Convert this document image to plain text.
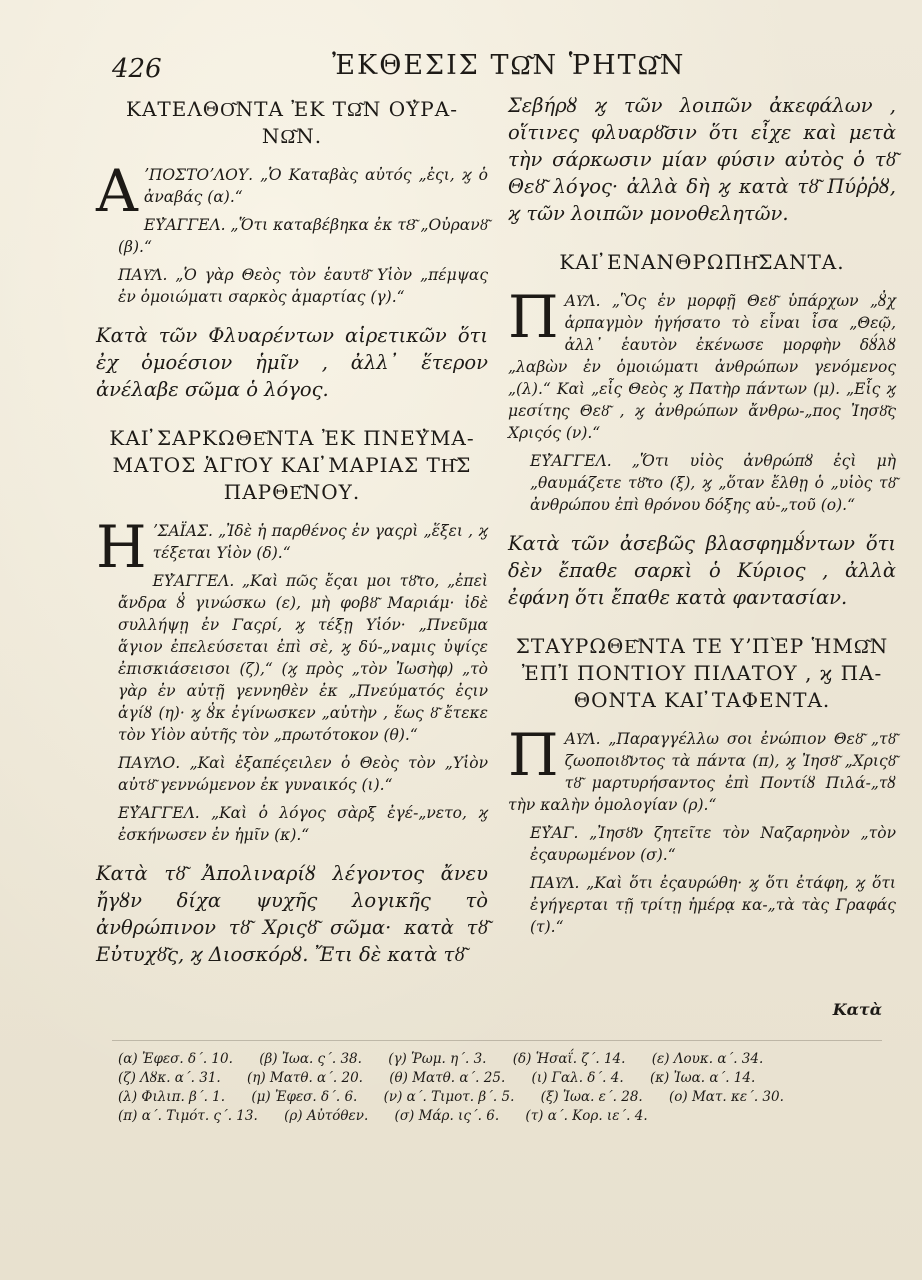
426	ἘΚΘΕΣΙΣ ΤΩ͂Ν ῬΗΤΩ͂Ν
ΚΑΤΕΛΘΟ͂ΝΤΑ ἘΚ ΤΩ͂Ν ΟΥ̓ΡΑ-ΝΩ͂Ν.
Α ʼΠΟΣΤΟʼΛΟΥ. „Ὁ Καταβὰς αὐτός „ἐςι, ϗ ὁ ἀναβάς (α).“
ΕΥ̓ΑΓΓΕΛ. „Ὅτι καταβέβηκα ἐκ τȢ͂ „Οὐρανȣ͂ (β).“
ΠΑΥ͂Λ. „Ὁ γὰρ Θεὸς τὸν ἑαυτȣ͂ Υἱὸν „πέμψας ἐν ὁμοιώματι σαρκὸς ἁμαρτίας (γ).“
Κατὰ τῶν Φλυαρέντων αἱρετικῶν ὅτι ἐχ ὁμοέσιον ἡμῖν , ἀλλ᾽ ἕτερον ἀνέλαβε σῶμα ὁ λόγος.
ΚΑΙ ̓ΣΑΡΚΩΘΕ͂ΝΤΑ ἘΚ ΠΝΕΥ̓ΜΑ-ΜΑΤΟΣ ἉΓΙ͂ΟΥ ΚΑΙ ̓ΜΑΡΙΑΣ ΤΗ͂Σ ΠΑΡΘΕ͂ΝΟΥ.
Η ʼΣΑΪΑΣ. „Ἰδὲ ἡ παρθένος ἐν γαςρὶ „ἕξει , ϗ τέξεται Υἱὸν (δ).“
ΕΥ̓ΑΓΓΕΛ. „Καὶ πῶς ἔςαι μοι τȣ͂το, „ἐπεὶ ἄνδρα ȣ̓ γινώσκω (ε), μὴ φοβȣ͂ Μαριάμ· ἰδὲ συλλήψῃ ἐν Γαςρί, ϗ τέξῃ Υἱόν· „Πνεῦμα ἅγιον ἐπελεύσεται ἐπὶ σὲ, ϗ δύ-„ναμις ὑψίςε ἐπισκιάσεισοι (ζ),“ (ϗ πρὸς „τὸν Ἰωσὴφ) „τὸ γὰρ ἐν αὐτῇ γεννηθὲν ἐκ „Πνεύματός ἐςιν ἁγίȣ (η)· ϗ ȣ̓κ ἐγίνωσκεν „αὐτὴν , ἕως ȣ͂ ἔτεκε τὸν Υἱὸν αὐτῆς τὸν „πρωτότοκον (θ).“
ΠΑΥ͂ΛΟ. „Καὶ ἐξαπέςειλεν ὁ Θεὸς τὸν „Υἱὸν αὐτȣ͂ γεννώμενον ἐκ γυναικός (ι).“
ΕΥ̓ΑΓΓΕΛ. „Καὶ ὁ λόγος σὰρξ ἐγέ-„νετο, ϗ ἐσκήνωσεν ἐν ἡμῖν (κ).“
Κατὰ τȣ͂ Ἀπολιναρίȣ λέγοντος ἄνευ ἤγȣν δίχα ψυχῆς λογικῆς τὸ ἀνθρώπινον τȣ͂ Χριςȣ͂ σῶμα· κατὰ τȣ͂ Εὐτυχȣ͂ς, ϗ Διοσκόρȣ. Ἔτι δὲ κατὰ τȣ͂
Σεβήρȣ ϗ τῶν λοιπῶν ἀκεφάλων , οἵτινες φλυαρȣ͂σιν ὅτι εἶχε καὶ μετὰ τὴν σάρκωσιν μίαν φύσιν αὐτὸς ὁ τȣ͂ Θεȣ͂ λόγος· ἀλλὰ δὴ ϗ κατὰ τȣ͂ Πύῤῥȣ, ϗ τῶν λοιπῶν μονοθελητῶν.
ΚΑΙ ̓ΕΝΑΝΘΡΩΠΗ͂ΣΑΝΤΑ.
Π ΑΥ͂Λ. „Ὃς ἐν μορφῇ Θεȣ͂ ὑπάρχων „ȣ̓χ ἁρπαγμὸν ἡγήσατο τὸ εἶναι ἶσα „Θεῷ, ἀλλ᾽ ἑαυτὸν ἐκένωσε μορφὴν δȣ́λȣ „λαβὼν ἐν ὁμοιώματι ἀνθρώπων γενόμενος „(λ).“ Καὶ „εἷς Θεὸς ϗ Πατὴρ πάντων (μ). „Εἷς ϗ μεσίτης Θεȣ͂ , ϗ ἀνθρώπων ἄνθρω-„πος Ἰησȣ͂ς Χριςός (ν).“
ΕΥ̓ΑΓΓΕΛ. „Ὅτι υἱὸς ἀνθρώπȣ ἐςὶ μὴ „θαυμάζετε τȣ͂το (ξ), ϗ „ὅταν ἔλθῃ ὁ „υἱὸς τȣ͂ ἀνθρώπου ἐπὶ θρόνου δόξης αὐ-„τοῦ (ο).“
Κατὰ τῶν ἀσεβῶς βλασφημȣ́ντων ὅτι δὲν ἔπαθε σαρκὶ ὁ Κύριος , ἀλλὰ ἐφάνη ὅτι ἔπαθε κατὰ φαντασίαν.
ΣΤΑΥΡΩΘΕ͂ΝΤΑ ΤΕ ΥʼΠῈΡ ἩΜΩ͂Ν ἘΠἸ ΠΟΝΤΙΟΥ ΠΙΛΑΤΟΥ , ϗ ΠΑ-ΘΟΝΤΑ ΚΑΙ ̓ΤΑΦΕΝΤΑ.
Π ΑΥ͂Λ. „Παραγγέλλω σοι ἐνώπιον Θεȣ͂ „τȣ͂ ζωοποιȣ͂ντος τὰ πάντα (π), ϗ Ἰησȣ͂ „Χριςȣ͂ τȣ͂ μαρτυρήσαντος ἐπὶ Ποντίȣ Πιλά-„τȣ τὴν καλὴν ὁμολογίαν (ρ).“
ΕΥ̓ΑΓ. „Ἰησȣ͂ν ζητεῖτε τὸν Ναζαρηνὸν „τὸν ἐςαυρωμένον (σ).“
ΠΑΥ͂Λ. „Καὶ ὅτι ἐςαυρώθη· ϗ ὅτι ἐτάφη, ϗ ὅτι ἐγήγερται τῇ τρίτῃ ἡμέρᾳ κα-„τὰ τὰς Γραφάς (τ).“
Κατὰ
(α) Ἐφεσ. δ΄. 10. (β) Ἰωα. ς΄. 38. (γ) Ῥωμ. η΄. 3. (δ) Ἡσαΐ. ζ΄. 14. (ε) Λουκ. α΄. 34. (ζ) Λȣκ. α΄. 31. (η) Ματθ. α΄. 20. (θ) Ματθ. α΄. 25. (ι) Γαλ. δ΄. 4. (κ) Ἰωα. α΄. 14. (λ) Φιλιπ. β΄. 1. (μ) Ἐφεσ. δ΄. 6. (ν) α΄. Τιμοτ. β΄. 5. (ξ) Ἰωα. ε΄. 28. (ο) Ματ. κε΄. 30. (π) α΄. Τιμότ. ς΄. 13. (ρ) Αὐτόθεν. (σ) Μάρ. ις΄. 6. (τ) α΄. Κορ. ιε΄. 4.
